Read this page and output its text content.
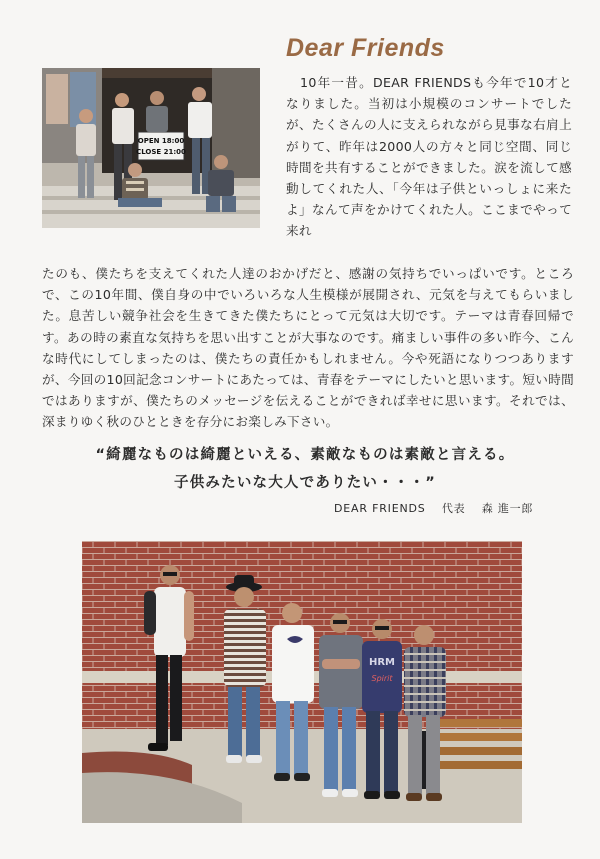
Dear Friends
OPEN 18:00
CLOSE 21:00

10年一昔。DEAR FRIENDSも今年で10才となりました。当初は小規模のコンサートでしたが、たくさんの人に支えられながら見事な右肩上がりて、昨年は2000人の方々と同じ空間、同じ時間を共有することができました。涙を流して感動してくれた人、「今年は子供といっしょに来たよ」なんて声をかけてくれた人。ここまでやって来れ

たのも、僕たちを支えてくれた人達のおかげだと、感謝の気持ちでいっぱいです。ところで、この10年間、僕自身の中でいろいろな人生模様が展開され、元気を与えてもらいました。息苦しい競争社会を生きてきた僕たちにとって元気は大切です。テーマは青春回帰です。あの時の素直な気持ちを思い出すことが大事なのです。痛ましい事件の多い昨今、こんな時代にしてしまったのは、僕たちの責任かもしれません。今や死語になりつつありますが、今回の10回記念コンサートにあたっては、青春をテーマにしたいと思います。短い時間ではありますが、僕たちのメッセージを伝えることができれば幸せに思います。それでは、深まりゆく秋のひとときを存分にお楽しみ下さい。

“綺麗なものは綺麗といえる、素敵なものは素敵と言える。
子供みたいな大人でありたい・・・”
DEAR FRIENDS 代表 森 進一郎
HRM
Spirit
